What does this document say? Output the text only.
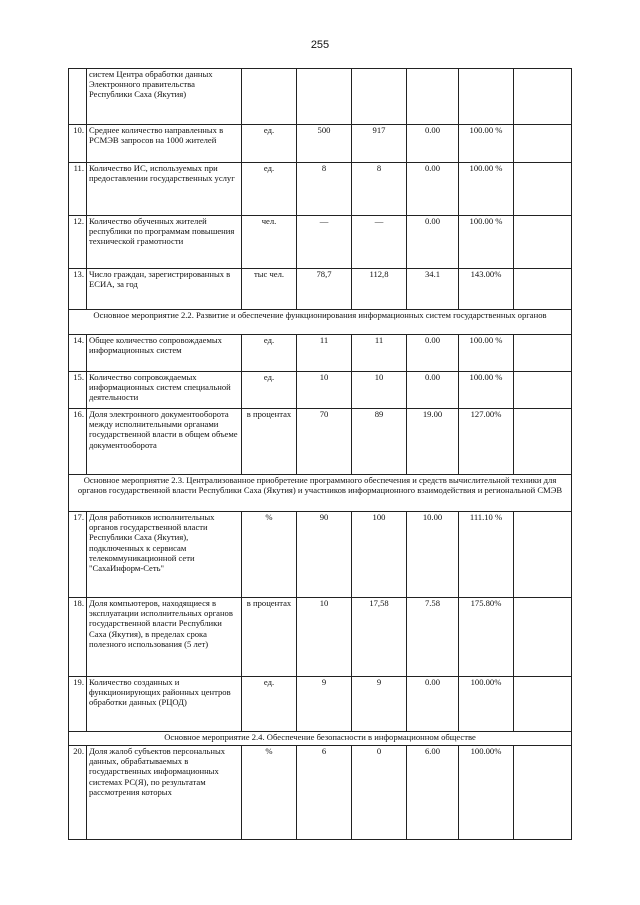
255
	систем Центра обработки данных Электронного правительства Республики Саха (Якутия)						
10.	Среднее количество направленных в РСМЭВ запросов на 1000 жителей	ед.	500	917	0.00	100.00 %	
11.	Количество ИС, используемых при предоставлении государственных услуг	ед.	8	8	0.00	100.00 %	
12.	Количество обученных жителей республики по программам повышения технической грамотности	чел.	—	—	0.00	100.00 %	
13.	Число граждан, зарегистрированных в ЕСИА, за год	тыс чел.	78,7	112,8	34.1	143.00%	
Основное мероприятие 2.2. Развитие и обеспечение функционирования информационных систем государственных органов							
14.	Общее количество сопровождаемых информационных систем	ед.	11	11	0.00	100.00 %	
15.	Количество сопровождаемых информационных систем специальной деятельности	ед.	10	10	0.00	100.00 %	
16.	Доля электронного документооборота между исполнительными органами государственной власти в общем объеме документооборота	в процентах	70	89	19.00	127.00%	
Основное мероприятие 2.3. Централизованное приобретение программного обеспечения и средств вычислительной техники для органов государственной власти Республики Саха (Якутия) и участников информационного взаимодействия и региональной СМЭВ							
17.	Доля работников исполнительных органов государственной власти Республики Саха (Якутия), подключенных к сервисам телекоммуникационной сети "СахаИнформ-Сеть"	%	90	100	10.00	111.10 %	
18.	Доля компьютеров, находящиеся в эксплуатации исполнительных органов государственной власти Республики Саха (Якутия), в пределах срока полезного использования (5 лет)	в процентах	10	17,58	7.58	175.80%	
19.	Количество созданных и функционирующих районных центров обработки данных (РЦОД)	ед.	9	9	0.00	100.00%	
Основное мероприятие 2.4. Обеспечение безопасности в информационном обществе							
20.	Доля жалоб субъектов персональных данных, обрабатываемых в государственных информационных системах РС(Я), по результатам рассмотрения которых	%	6	0	6.00	100.00%	
